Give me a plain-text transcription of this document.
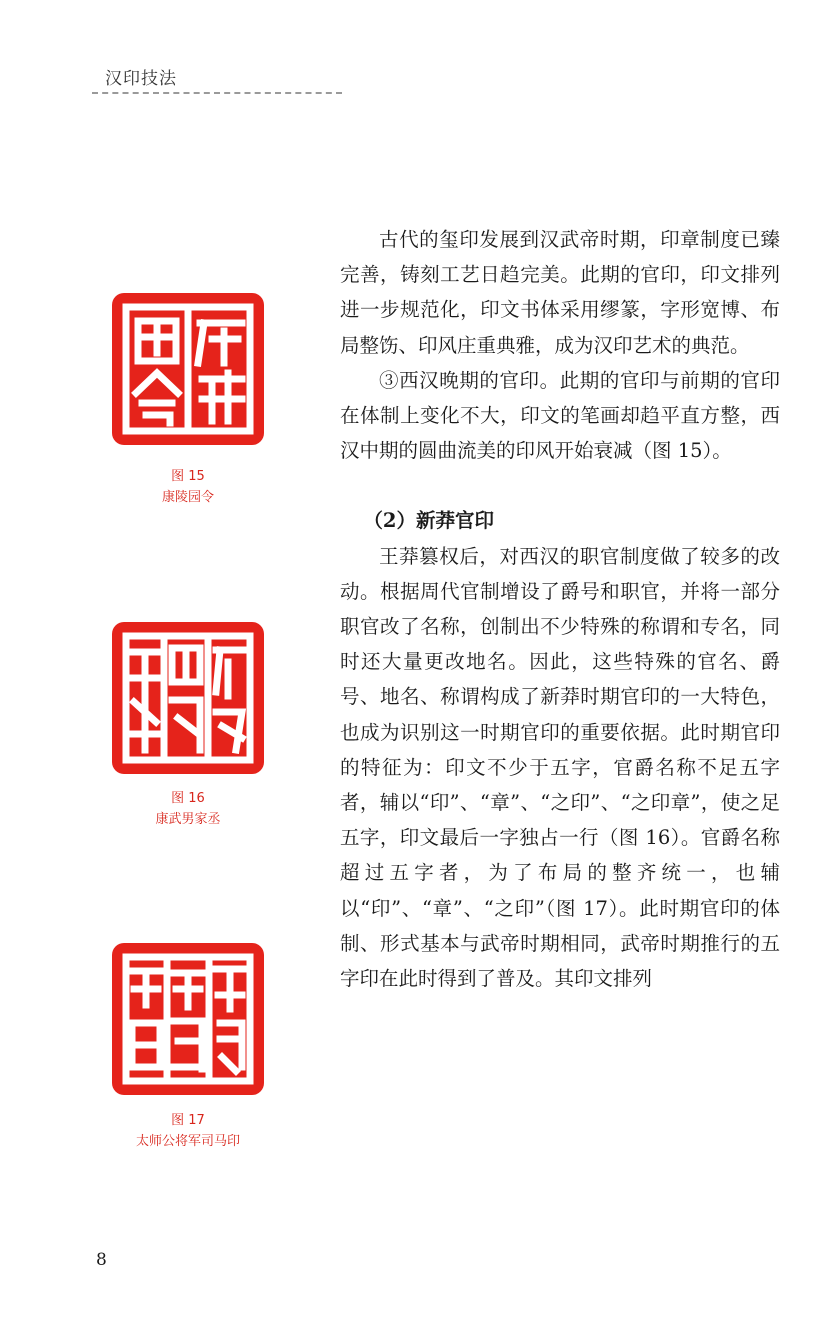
汉印技法
图 15
康陵园令
图 16
康武男家丞
图 17
太师公将军司马印

古代的玺印发展到汉武帝时期，印章制度已臻完善，铸刻工艺日趋完美。此期的官印，印文排列进一步规范化，印文书体采用缪篆，字形宽博、布局整饬、印风庄重典雅，成为汉印艺术的典范。

③西汉晚期的官印。此期的官印与前期的官印在体制上变化不大，印文的笔画却趋平直方整，西汉中期的圆曲流美的印风开始衰减（图 15）。

（2）新莽官印

王莽篡权后，对西汉的职官制度做了较多的改动。根据周代官制增设了爵号和职官，并将一部分职官改了名称，创制出不少特殊的称谓和专名，同时还大量更改地名。因此，这些特殊的官名、爵号、地名、称谓构成了新莽时期官印的一大特色，也成为识别这一时期官印的重要依据。此时期官印的特征为：印文不少于五字，官爵名称不足五字者，辅以“印”、“章”、“之印”、“之印章”，使之足五字，印文最后一字独占一行（图 16）。官爵名称超过五字者，为了布局的整齐统一，也辅以“印”、“章”、“之印”（图 17）。此时期官印的体制、形式基本与武帝时期相同，武帝时期推行的五字印在此时得到了普及。其印文排列

8
